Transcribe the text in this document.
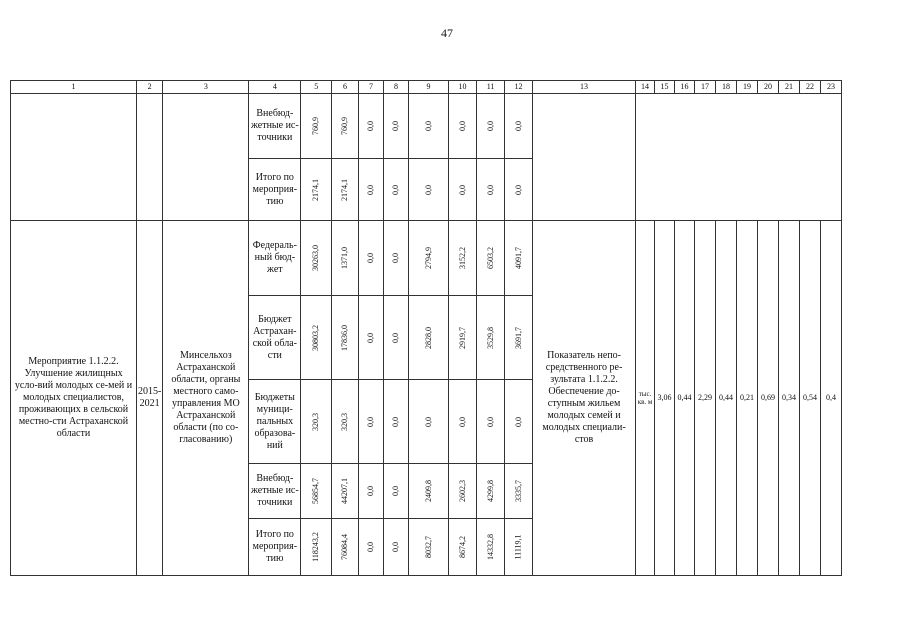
47
1	2	3	4	5	6	7	8	9	10	11	12	13	14	15	16	17	18	19	20	21	22	23
			Внебюд-жетные ис-точники	760,9	760,9	0,0	0,0	0,0	0,0	0,0	0,0											
			Итого по мероприя-тию	2174,1	2174,1	0,0	0,0	0,0	0,0	0,0	0,0											
Мероприятие 1.1.2.2. Улучшение жилищных усло-вий молодых се-мей и молодых специалистов, проживающих в сельской местно-сти Астраханской области	2015-2021	Минсельхоз Астраханской области, органы местного само-управления МО Астраханской области (по со-гласованию)	Федераль-ный бюд-жет	30263,0	1371,0	0,0	0,0	2794,9	3152,2	6503,2	4091,7	Показатель непо-средственного ре-зультата 1.1.2.2. Обеспечение до-ступным жильем молодых семей и молодых специали-стов	тыс. кв. м	3,06	0,44	2,29	0,44	0,21	0,69	0,34	0,54	0,4
			Бюджет Астрахан-ской обла-сти	30803,2	17836,0	0,0	0,0	2828,0	2919,7	3529,8	3691,7											
			Бюджеты муници-пальных образова-ний	320,3	320,3	0,0	0,0	0,0	0,0	0,0	0,0											
			Внебюд-жетные ис-точники	56854,7	44207,1	0,0	0,0	2409,8	2602,3	4299,8	3335,7											
			Итого по мероприя-тию	118243,2	76084,4	0,0	0,0	8032,7	8674,2	14332,8	11119,1											
